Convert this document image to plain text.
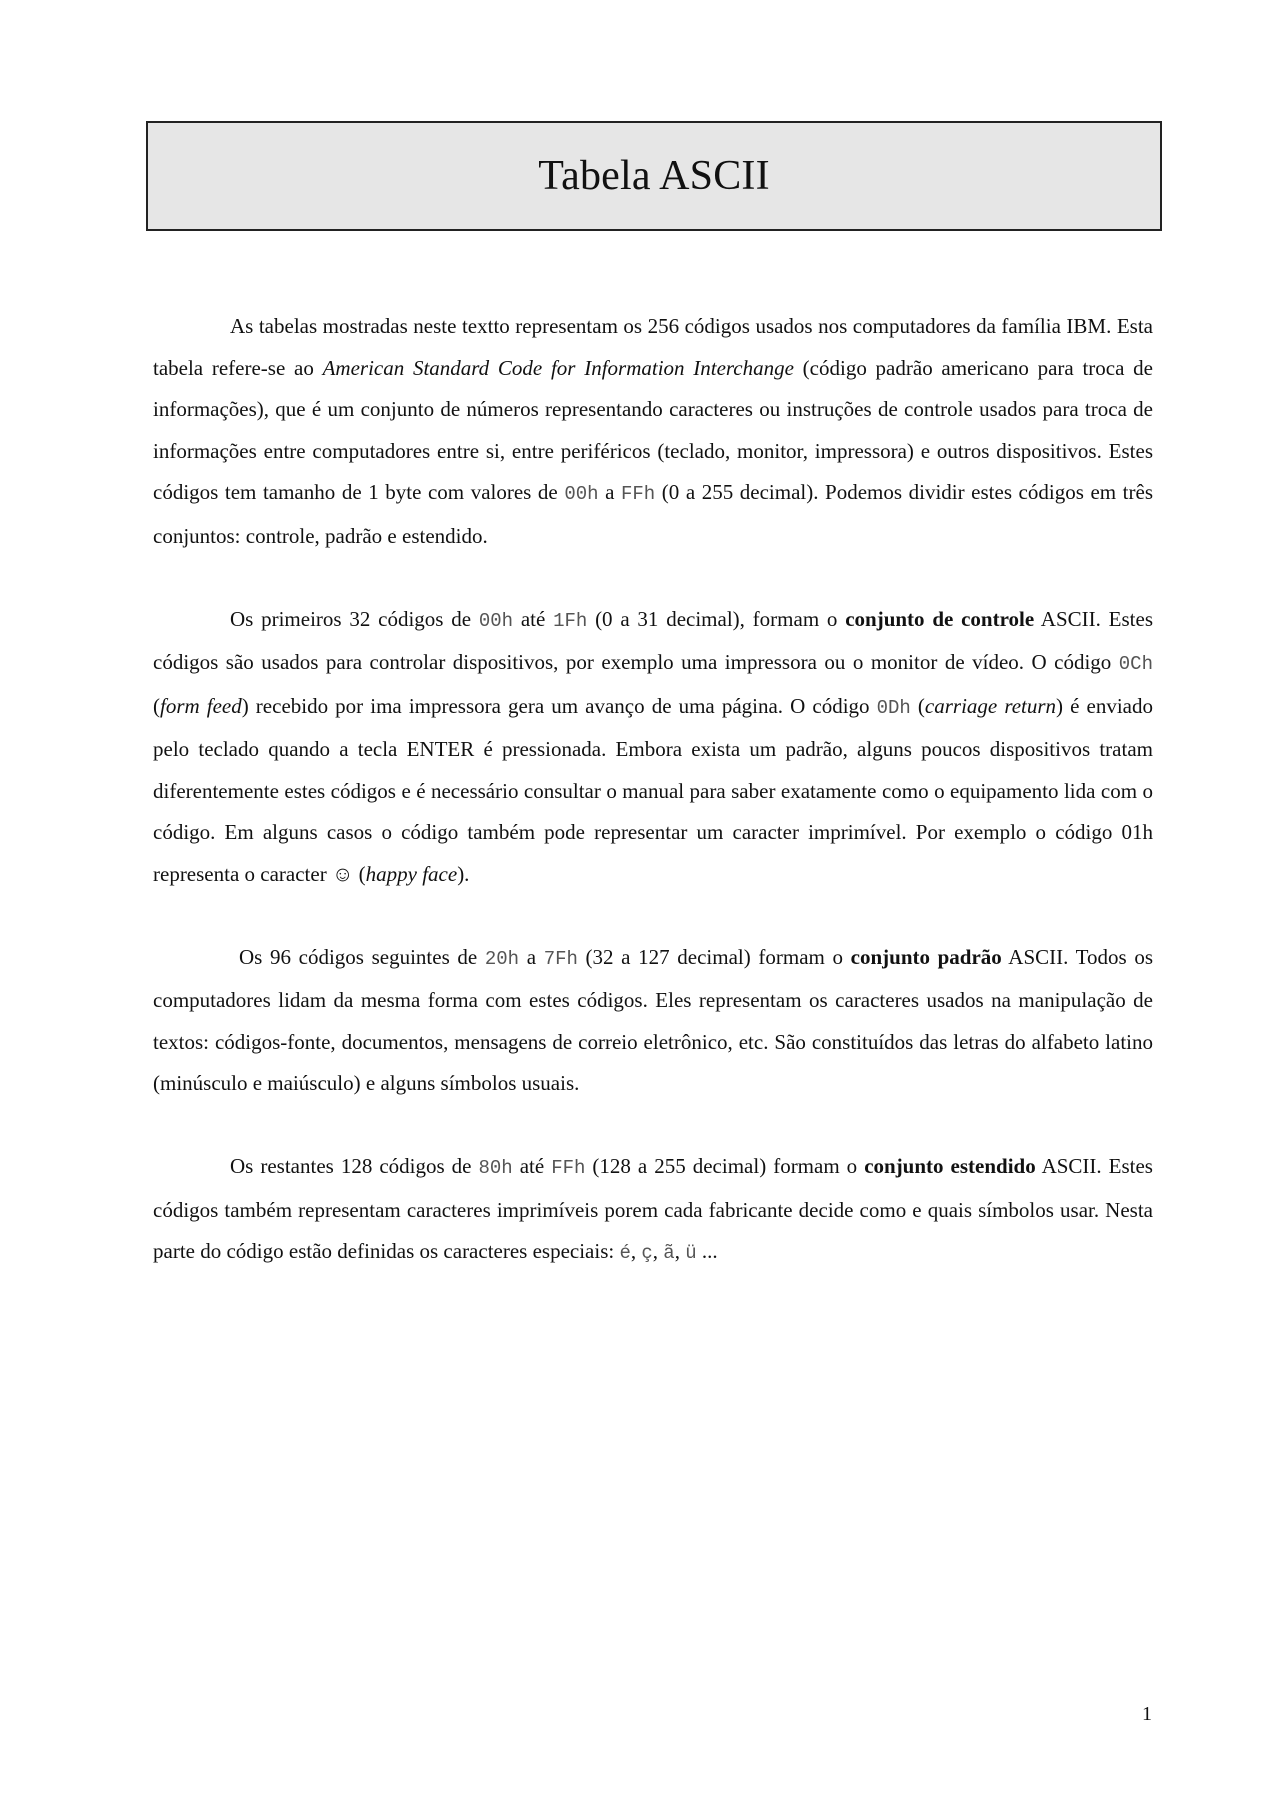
Tabela ASCII

As tabelas mostradas neste textto representam os 256 códigos usados nos computadores da família IBM. Esta tabela refere-se ao American Standard Code for Information Interchange (código padrão americano para troca de informações), que é um conjunto de números representando caracteres ou instruções de controle usados para troca de informações entre computadores entre si, entre periféricos (teclado, monitor, impressora) e outros dispositivos. Estes códigos tem tamanho de 1 byte com valores de 00h a FFh (0 a 255 decimal). Podemos dividir estes códigos em três conjuntos: controle, padrão e estendido.

Os primeiros 32 códigos de 00h até 1Fh (0 a 31 decimal), formam o conjunto de controle ASCII. Estes códigos são usados para controlar dispositivos, por exemplo uma impressora ou o monitor de vídeo. O código 0Ch (form feed) recebido por ima impressora gera um avanço de uma página. O código 0Dh (carriage return) é enviado pelo teclado quando a tecla ENTER é pressionada. Embora exista um padrão, alguns poucos dispositivos tratam diferentemente estes códigos e é necessário consultar o manual para saber exatamente como o equipamento lida com o código. Em alguns casos o código também pode representar um caracter imprimível. Por exemplo o código 01h representa o caracter ☺ (happy face).

Os 96 códigos seguintes de 20h a 7Fh (32 a 127 decimal) formam o conjunto padrão ASCII. Todos os computadores lidam da mesma forma com estes códigos. Eles representam os caracteres usados na manipulação de textos: códigos-fonte, documentos, mensagens de correio eletrônico, etc. São constituídos das letras do alfabeto latino (minúsculo e maiúsculo) e alguns símbolos usuais.

Os restantes 128 códigos de 80h até FFh (128 a 255 decimal) formam o conjunto estendido ASCII. Estes códigos também representam caracteres imprimíveis porem cada fabricante decide como e quais símbolos usar. Nesta parte do código estão definidas os caracteres especiais: é, ç, ã, ü ...

1
